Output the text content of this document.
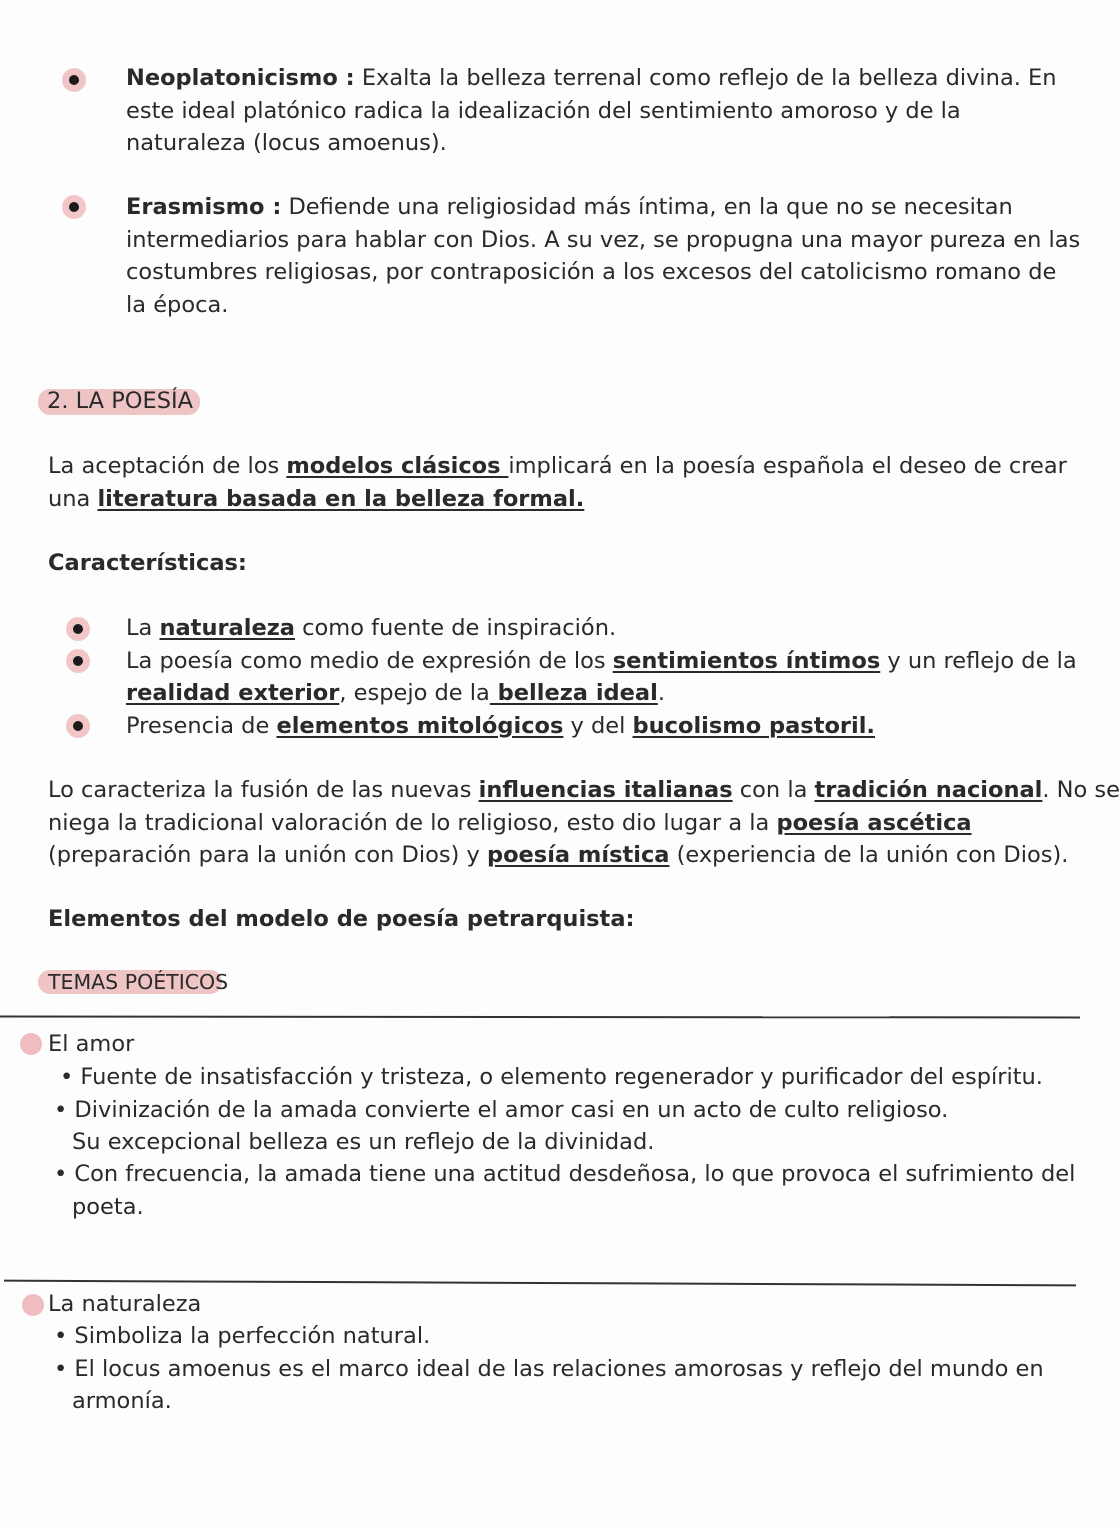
Neoplatonicismo : Exalta la belleza terrenal como reflejo de la belleza divina. En
este ideal platónico radica la idealización del sentimiento amoroso y de la
naturaleza (locus amoenus).
Erasmismo : Defiende una religiosidad más íntima, en la que no se necesitan
intermediarios para hablar con Dios. A su vez, se propugna una mayor pureza en las
costumbres religiosas, por contraposición a los excesos del catolicismo romano de
la época.
2. LA POESÍA
La aceptación de los modelos clásicos implicará en la poesía española el deseo de crear
una literatura basada en la belleza formal.
Características:
La naturaleza como fuente de inspiración.
La poesía como medio de expresión de los sentimientos íntimos y un reflejo de la
realidad exterior, espejo de la belleza ideal.
Presencia de elementos mitológicos y del bucolismo pastoril.
Lo caracteriza la fusión de las nuevas influencias italianas con la tradición nacional. No se
niega la tradicional valoración de lo religioso, esto dio lugar a la poesía ascética
(preparación para la unión con Dios) y poesía mística (experiencia de la unión con Dios).
Elementos del modelo de poesía petrarquista:
TEMAS POÉTICOS
El amor
• Fuente de insatisfacción y tristeza, o elemento regenerador y purificador del espíritu.
• Divinización de la amada convierte el amor casi en un acto de culto religioso.
Su excepcional belleza es un reflejo de la divinidad.
• Con frecuencia, la amada tiene una actitud desdeñosa, lo que provoca el sufrimiento del
poeta.
La naturaleza
• Simboliza la perfección natural.
• El locus amoenus es el marco ideal de las relaciones amorosas y reflejo del mundo en
armonía.
